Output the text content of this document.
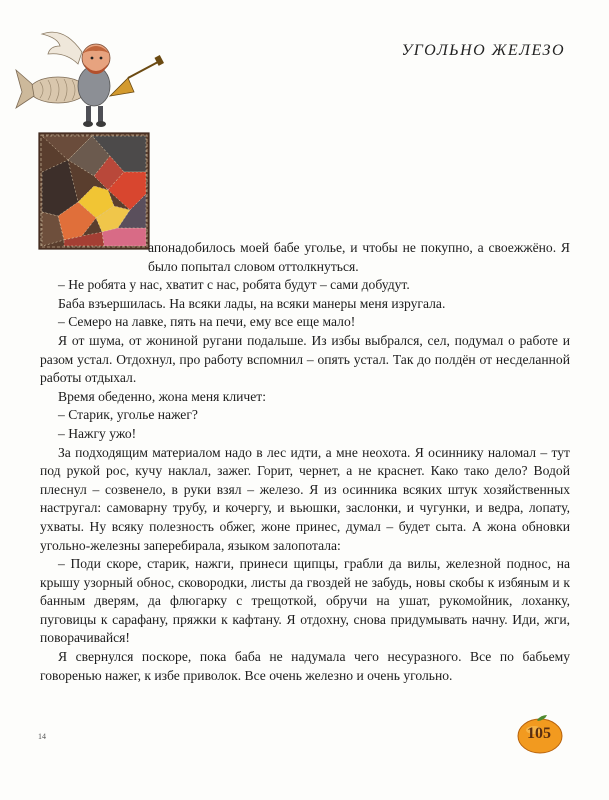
УГОЛЬНО ЖЕЛЕЗО

апонадобилось моей бабе уголье, и чтобы не покупно, а своежжёно. Я было попытал словом оттолкнуться.

– Не робята у нас, хватит с нас, робята будут – сами добудут.

Баба взъершилась. На всяки лады, на всяки манеры меня изругала.

– Семеро на лавке, пять на печи, ему все еще мало!

Я от шума, от жониной ругани подальше. Из избы выбрался, сел, подумал о работе и разом устал. Отдохнул, про работу вспомнил – опять устал. Так до полдён от несделанной работы отдыхал.

Время обеденно, жона меня кличет:

– Старик, уголье нажег?

– Нажгу ужо!

За подходящим материалом надо в лес идти, а мне неохота. Я осиннику наломал – тут под рукой рос, кучу наклал, зажег. Горит, чернет, а не краснет. Како тако дело? Водой плеснул – созвенело, в руки взял – железо. Я из осинника всяких штук хозяйственных настругал: самоварну трубу, и кочергу, и вьюшки, заслонки, и чугунки, и ведра, лопату, ухваты. Ну всяку полезность обжег, жоне принес, думал – будет сыта. А жона обновки угольно-железны заперебирала, языком залопотала:

– Поди скоре, старик, нажги, принеси щипцы, грабли да вилы, железной поднос, на крышу узорный обнос, сковородки, листы да гвоздей не забудь, новы скобы к избяным и к банным дверям, да флюгарку с трещоткой, обручи на ушат, рукомойник, лоханку, пуговицы к сарафану, пряжки к кафтану. Я отдохну, снова придумывать начну. Иди, жги, поворачивайся!

Я свернулся поскоре, пока баба не надумала чего несуразного. Все по бабьему говоренью нажег, к избе приволок. Все очень железно и очень угольно.

14	105
